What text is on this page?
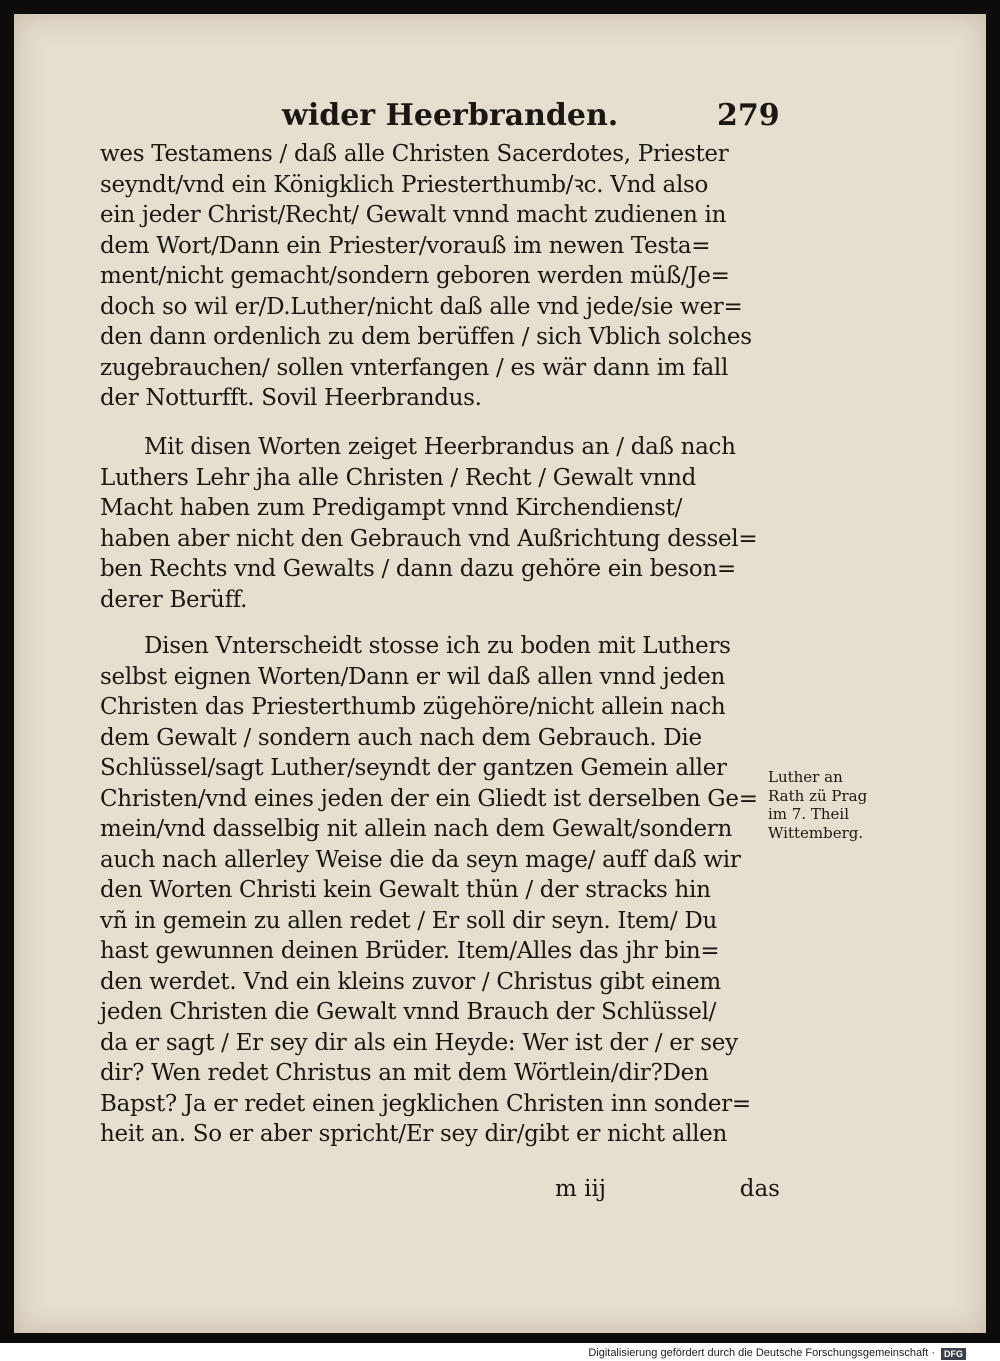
wider Heerbranden.	279
wes Testamens / daß alle Christen Sacerdotes, Priester
seyndt/vnd ein Königklich Priesterthumb/ꝛc. Vnd also
ein jeder Christ/Recht/ Gewalt vnnd macht zudienen in
dem Wort/Dann ein Priester/vorauß im newen Testa=
ment/nicht gemacht/sondern geboren werden müß/Je=
doch so wil er/D.Luther/nicht daß alle vnd jede/sie wer=
den dann ordenlich zu dem berüffen / sich Vblich solches
zugebrauchen/ sollen vnterfangen / es wär dann im fall
der Notturfft. Sovil Heerbrandus.
Mit disen Worten zeiget Heerbrandus an / daß nach
Luthers Lehr jha alle Christen / Recht / Gewalt vnnd
Macht haben zum Predigampt vnnd Kirchendienst/
haben aber nicht den Gebrauch vnd Außrichtung dessel=
ben Rechts vnd Gewalts / dann dazu gehöre ein beson=
derer Berüff.
Disen Vnterscheidt stosse ich zu boden mit Luthers
selbst eignen Worten/Dann er wil daß allen vnnd jeden
Christen das Priesterthumb zügehöre/nicht allein nach
dem Gewalt / sondern auch nach dem Gebrauch. Die
Schlüssel/sagt Luther/seyndt der gantzen Gemein aller
Christen/vnd eines jeden der ein Gliedt ist derselben Ge=
mein/vnd dasselbig nit allein nach dem Gewalt/sondern
auch nach allerley Weise die da seyn mage/ auff daß wir
den Worten Christi kein Gewalt thün / der stracks hin
vñ in gemein zu allen redet / Er soll dir seyn. Item/ Du
hast gewunnen deinen Brüder. Item/Alles das jhr bin=
den werdet. Vnd ein kleins zuvor / Christus gibt einem
jeden Christen die Gewalt vnnd Brauch der Schlüssel/
da er sagt / Er sey dir als ein Heyde: Wer ist der / er sey
dir? Wen redet Christus an mit dem Wörtlein/dir?Den
Bapst? Ja er redet einen jegklichen Christen inn sonder=
heit an. So er aber spricht/Er sey dir/gibt er nicht allen
Luther an
Rath zü Prag
im 7. Theil
Wittemberg.
m iij	das
Digitalisierung gefördert durch die Deutsche Forschungsgemeinschaft · DFG
